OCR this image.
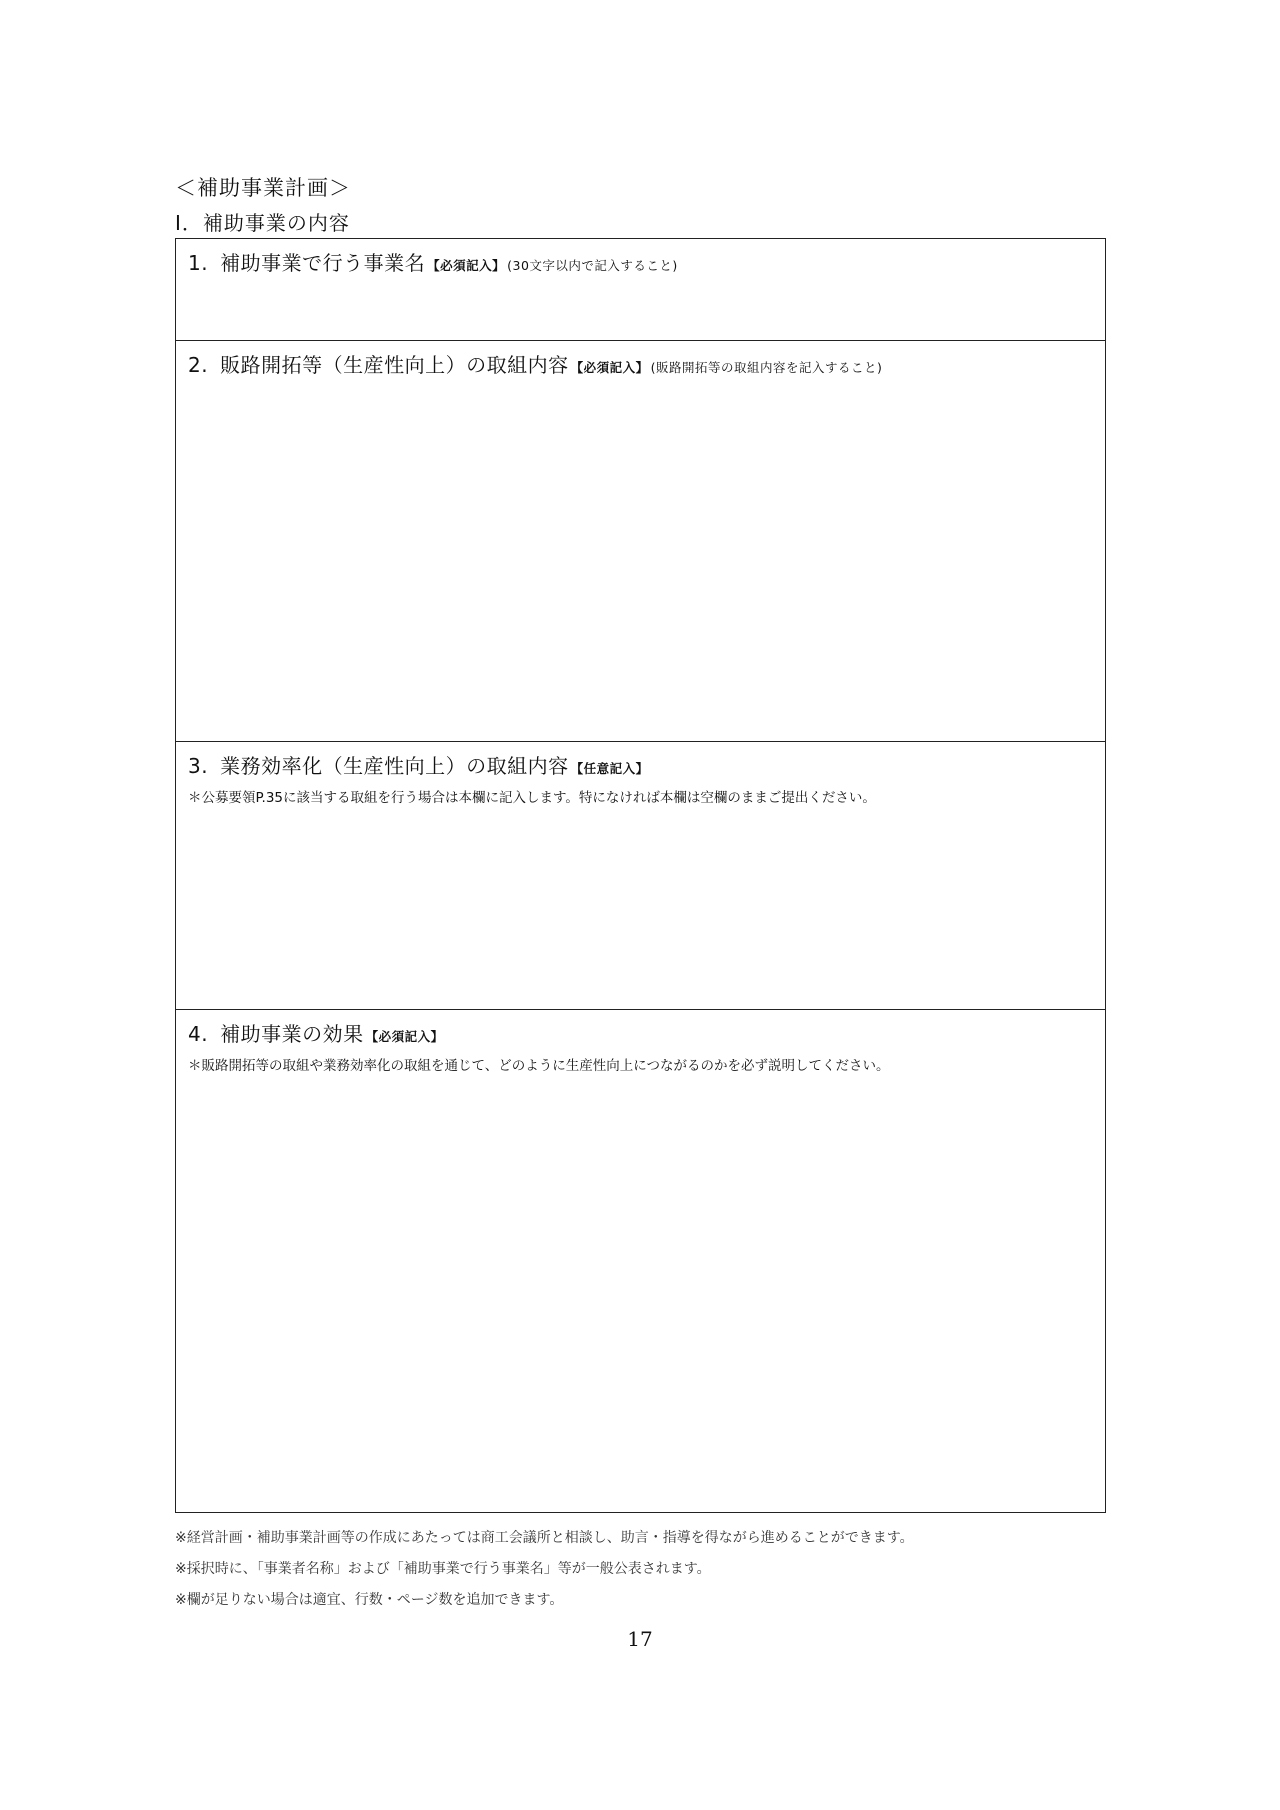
＜補助事業計画＞
Ⅰ．補助事業の内容
1. 補助事業で行う事業名 【必須記入】 (30文字以内で記入すること)
2. 販路開拓等（生産性向上）の取組内容 【必須記入】 (販路開拓等の取組内容を記入すること)
3. 業務効率化（生産性向上）の取組内容 【任意記入】
＊公募要領P.35に該当する取組を行う場合は本欄に記入します。特になければ本欄は空欄のままご提出ください。
4. 補助事業の効果 【必須記入】
＊販路開拓等の取組や業務効率化の取組を通じて、どのように生産性向上につながるのかを必ず説明してください。
※経営計画・補助事業計画等の作成にあたっては商工会議所と相談し、助言・指導を得ながら進めることができます。
※採択時に、「事業者名称」および「補助事業で行う事業名」等が一般公表されます。
※欄が足りない場合は適宜、行数・ページ数を追加できます。
17
